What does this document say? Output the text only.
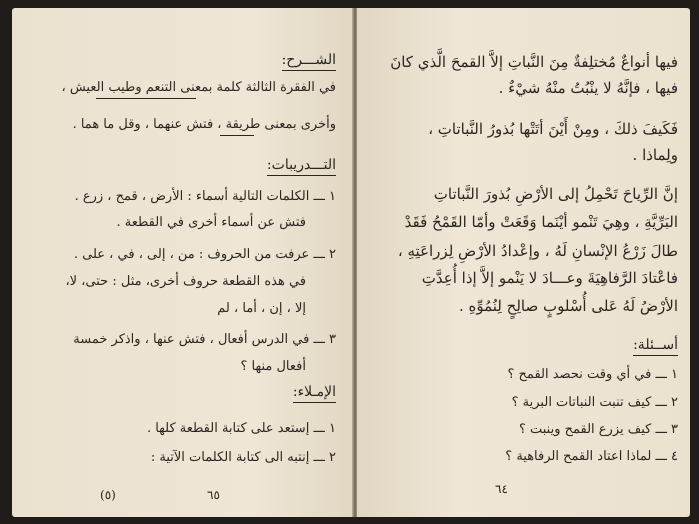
الشـــرح:
في الفقرة الثالثة كلمة بمعنى التنعم وطيب العيش ،
وأخرى بمعنى طريقة ، فتش عنهما ، وقل ما هما .
التـــدريبات:
١ ـــ الكلمات التالية أسماء : الأرض ، قمح ، زرع .
فتش عن أسماء أخرى في القطعة .
٢ ـــ عرفت من الحروف : من ، إلى ، في ، على .
في هذه القطعة حروف أخرى، مثل : حتى، لا،
إلا ، إن ، أما ، لم
٣ ـــ في الدرس أفعال ، فتش عنها ، واذكر خمسة
أفعال منها ؟
الإمـلاء:
١ ـــ إستعد على كتابة القطعة كلها .
٢ ـــ إنتبه الى كتابة الكلمات الآتية :
(٥)	٦٥
فيها أنواعٌ مُختلِفةٌ مِنَ النَّباتِ إلاَّ القمحَ الَّذي كانَ
فيها ، فإنَّهُ لا ينْبُتُ منْهُ شيْءٌ .
فَكَيفَ ذلكَ ، ومِنْ أَيْنَ أتَتْها بُذورُ النَّباتاتِ ،
ولِماذا .
إنَّ الرِّياحَ تَحْمِلُ إلى الأرْضِ بُذورَ النَّباتاتِ
البَرِّيَّةِ ، وهِيَ تَنْمو أيْنَما وَقَعَتْ وأمّا القَمْحُ فَقَدْ
طالَ زَرْعُ الإنْسانِ لَهُ ، وإعْدادُ الأرْضِ لِزراعَتِهِ ،
فاعْتادَ الرَّفاهِيَةَ وعـــادَ لا يَنْمو إلاَّ إذا أُعِدَّتِ
الأرْضُ لَهُ عَلى أُسْلوبٍ صالِحٍ لِنُمُوِّهِ .
أســئلة:
١ ـــ في أي وقت نحصد القمح ؟
٢ ـــ كيف تنبت النباتات البرية ؟
٣ ـــ كيف يزرع القمح وينبت ؟
٤ ـــ لماذا اعتاد القمح الرفاهية ؟
٦٤
